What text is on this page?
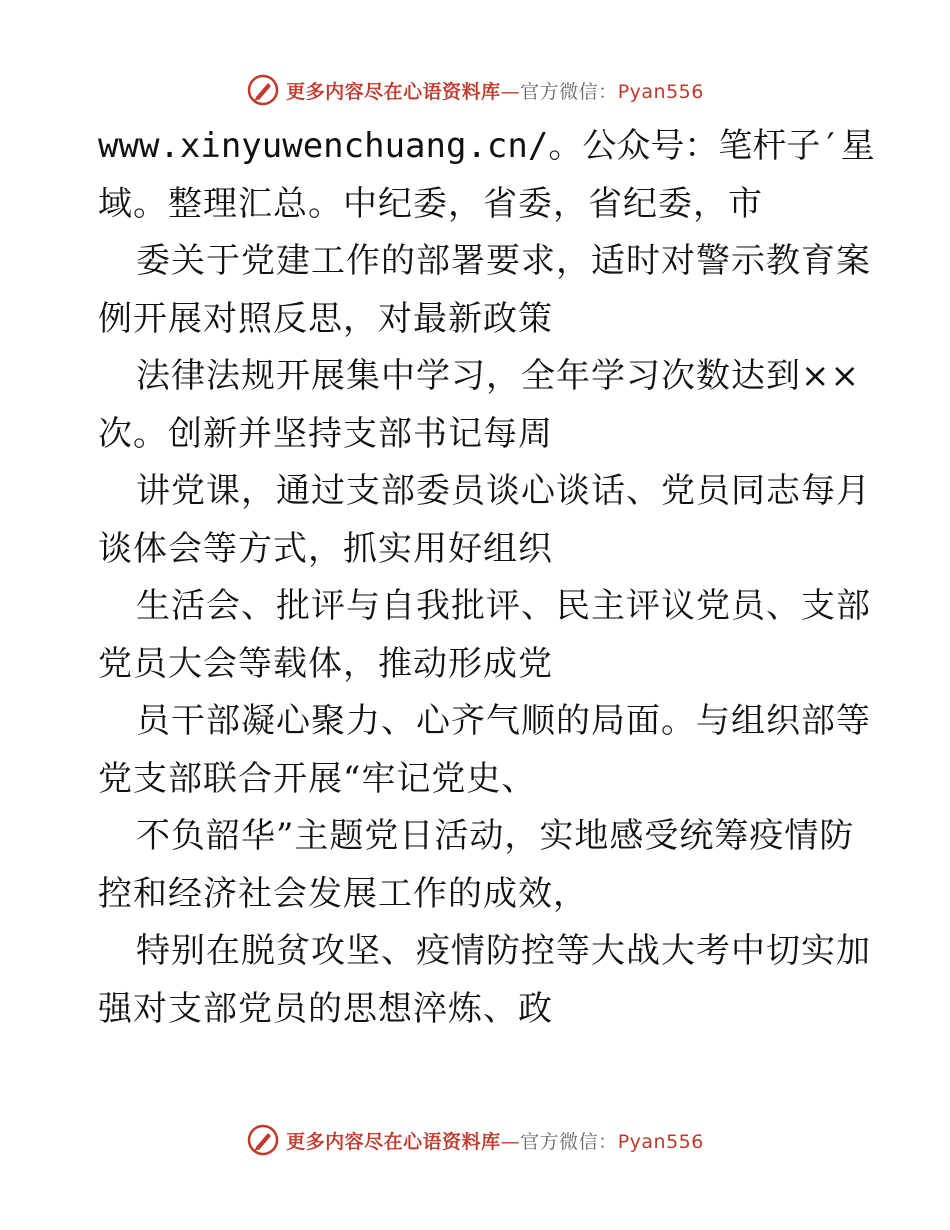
更多内容尽在心语资料库—官方微信：Pyan556
www.xinyuwenchuang.cn/。公众号：笔杆子′星
域。整理汇总。中纪委，省委，省纪委，市
委关于党建工作的部署要求，适时对警示教育案
例开展对照反思，对最新政策
法律法规开展集中学习，全年学习次数达到××
次。创新并坚持支部书记每周
讲党课，通过支部委员谈心谈话、党员同志每月
谈体会等方式，抓实用好组织
生活会、批评与自我批评、民主评议党员、支部
党员大会等载体，推动形成党
员干部凝心聚力、心齐气顺的局面。与组织部等
党支部联合开展“牢记党史、
不负韶华”主题党日活动，实地感受统筹疫情防
控和经济社会发展工作的成效，
特别在脱贫攻坚、疫情防控等大战大考中切实加
强对支部党员的思想淬炼、政
更多内容尽在心语资料库—官方微信：Pyan556
